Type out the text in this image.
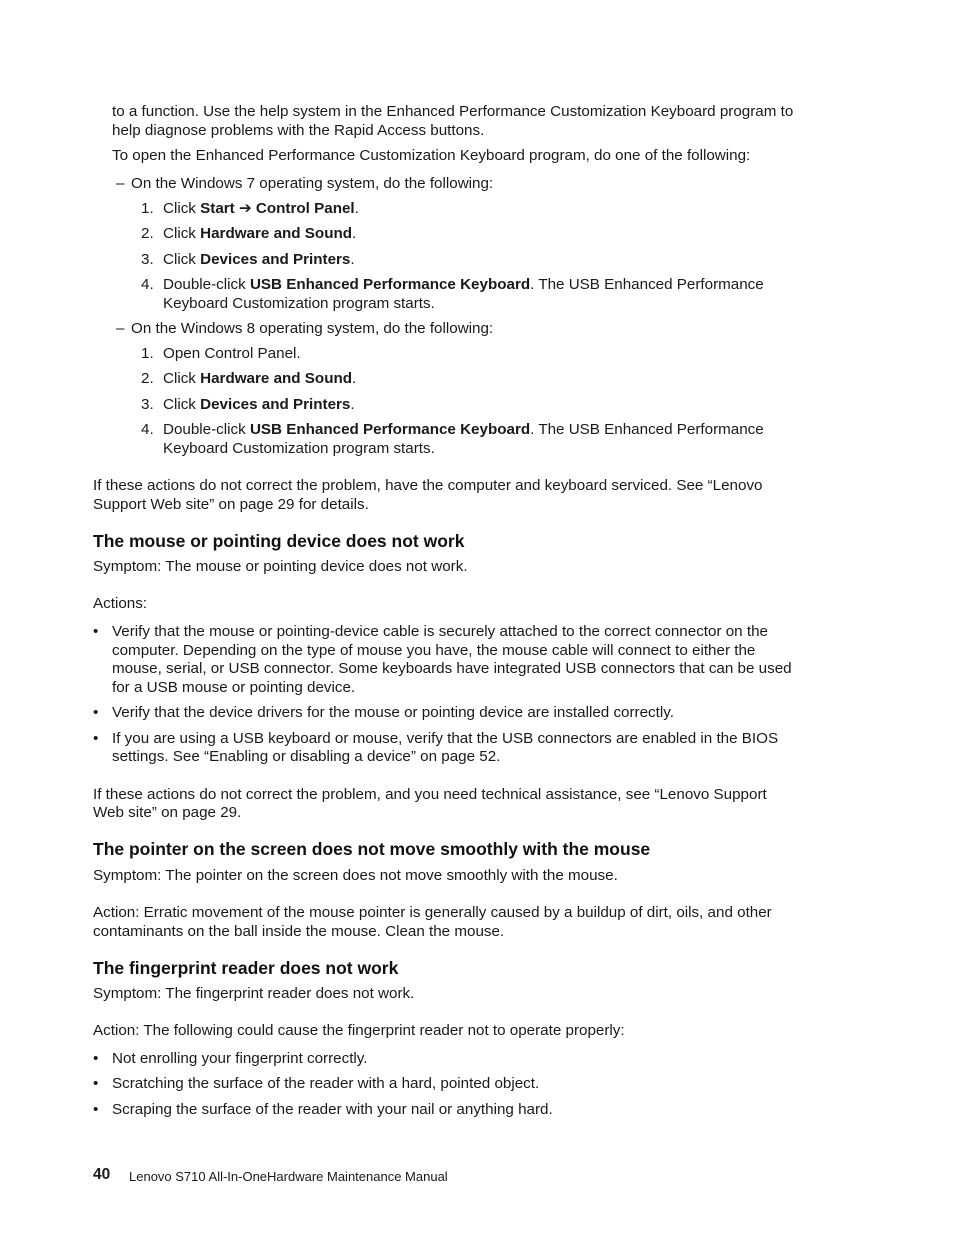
to a function. Use the help system in the Enhanced Performance Customization Keyboard program to
help diagnose problems with the Rapid Access buttons.
To open the Enhanced Performance Customization Keyboard program, do one of the following:
– On the Windows 7 operating system, do the following:
1. Click Start ➔ Control Panel.
2. Click Hardware and Sound.
3. Click Devices and Printers.
4. Double-click USB Enhanced Performance Keyboard. The USB Enhanced Performance
Keyboard Customization program starts.
– On the Windows 8 operating system, do the following:
1. Open Control Panel.
2. Click Hardware and Sound.
3. Click Devices and Printers.
4. Double-click USB Enhanced Performance Keyboard. The USB Enhanced Performance
Keyboard Customization program starts.
If these actions do not correct the problem, have the computer and keyboard serviced. See “Lenovo
Support Web site” on page 29 for details.
The mouse or pointing device does not work
Symptom: The mouse or pointing device does not work.
Actions:
• Verify that the mouse or pointing-device cable is securely attached to the correct connector on the
computer. Depending on the type of mouse you have, the mouse cable will connect to either the
mouse, serial, or USB connector. Some keyboards have integrated USB connectors that can be used
for a USB mouse or pointing device.
• Verify that the device drivers for the mouse or pointing device are installed correctly.
• If you are using a USB keyboard or mouse, verify that the USB connectors are enabled in the BIOS
settings. See “Enabling or disabling a device” on page 52.
If these actions do not correct the problem, and you need technical assistance, see “Lenovo Support
Web site” on page 29.
The pointer on the screen does not move smoothly with the mouse
Symptom: The pointer on the screen does not move smoothly with the mouse.
Action: Erratic movement of the mouse pointer is generally caused by a buildup of dirt, oils, and other
contaminants on the ball inside the mouse. Clean the mouse.
The fingerprint reader does not work
Symptom: The fingerprint reader does not work.
Action: The following could cause the fingerprint reader not to operate properly:
• Not enrolling your fingerprint correctly.
• Scratching the surface of the reader with a hard, pointed object.
• Scraping the surface of the reader with your nail or anything hard.
40 Lenovo S710 All-In-OneHardware Maintenance Manual
